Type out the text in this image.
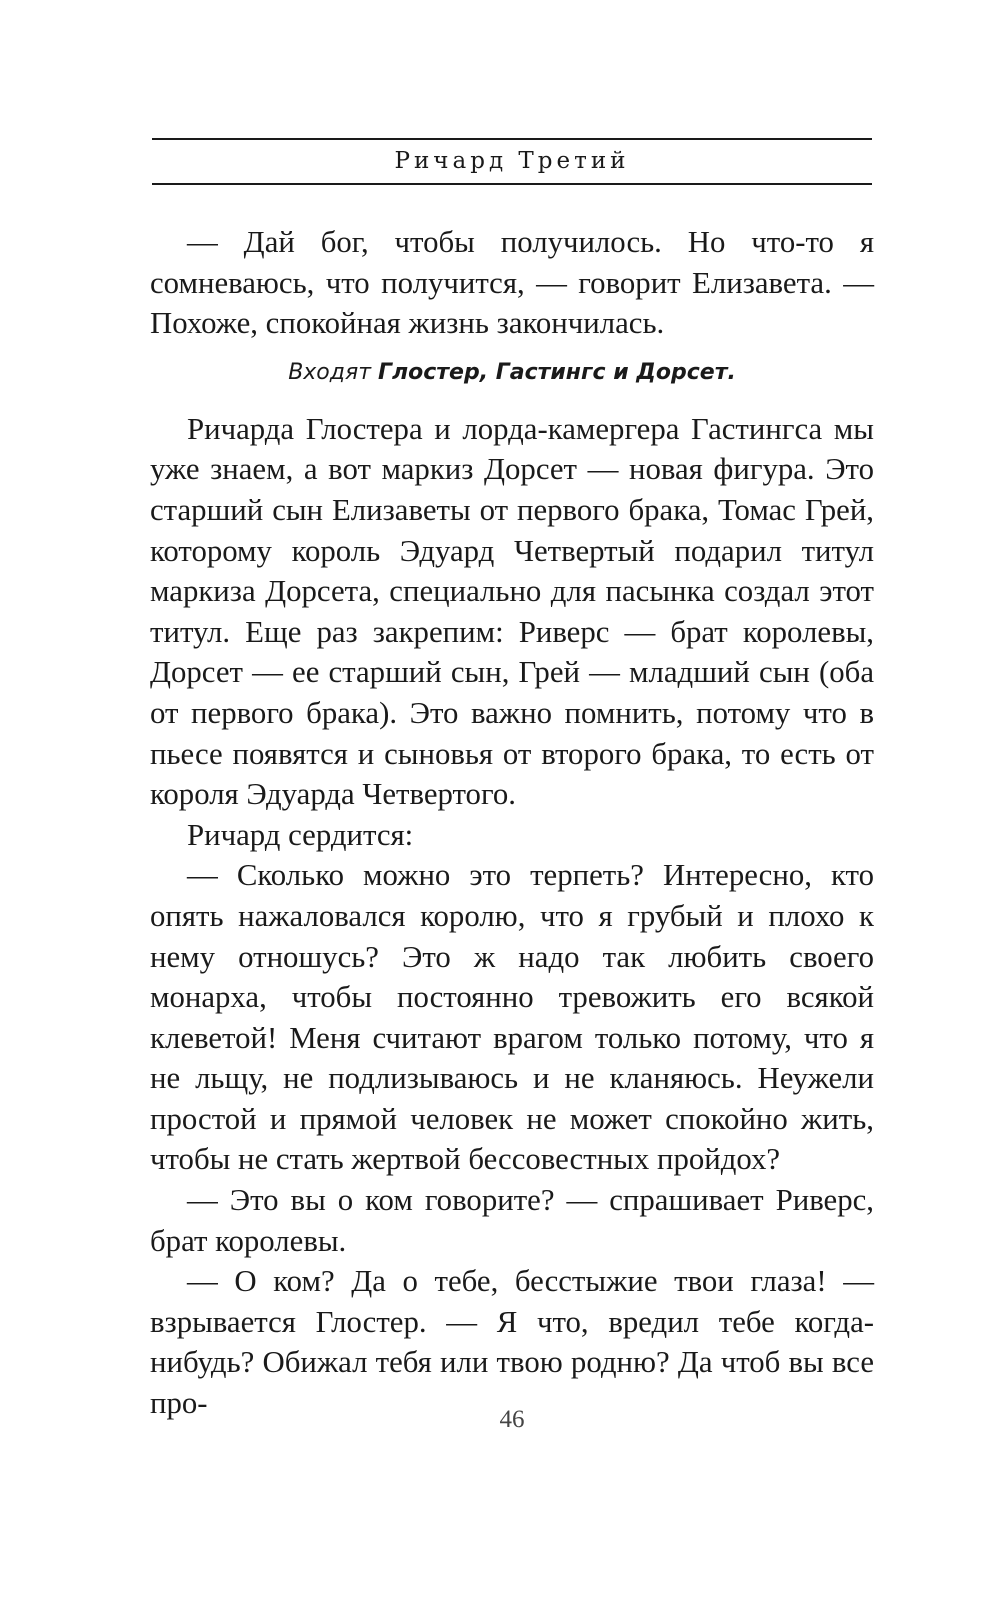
Ричард Третий

— Дай бог, чтобы получилось. Но что-то я сомневаюсь, что получится, — говорит Елизавета. — Похоже, спокойная жизнь закончилась.

Входят Глостер, Гастингс и Дорсет.

Ричарда Глостера и лорда-камергера Гастингса мы уже знаем, а вот маркиз Дорсет — новая фигура. Это старший сын Елизаветы от первого брака, Томас Грей, которому король Эдуард Четвертый подарил титул маркиза Дорсета, специально для пасынка создал этот титул. Еще раз закрепим: Риверс — брат королевы, Дорсет — ее старший сын, Грей — младший сын (оба от первого брака). Это важно помнить, потому что в пьесе появятся и сыновья от второго брака, то есть от короля Эдуарда Четвертого.

Ричард сердится:

— Сколько можно это терпеть? Интересно, кто опять нажаловался королю, что я грубый и плохо к нему отношусь? Это ж надо так любить своего монарха, чтобы постоянно тревожить его всякой клеветой! Меня считают врагом только потому, что я не льщу, не подлизываюсь и не кланяюсь. Неужели простой и прямой человек не может спокойно жить, чтобы не стать жертвой бессовестных пройдох?

— Это вы о ком говорите? — спрашивает Риверс, брат королевы.

— О ком? Да о тебе, бесстыжие твои глаза! — взрывается Глостер. — Я что, вредил тебе когда-нибудь? Обижал тебя или твою родню? Да чтоб вы все про-	46
